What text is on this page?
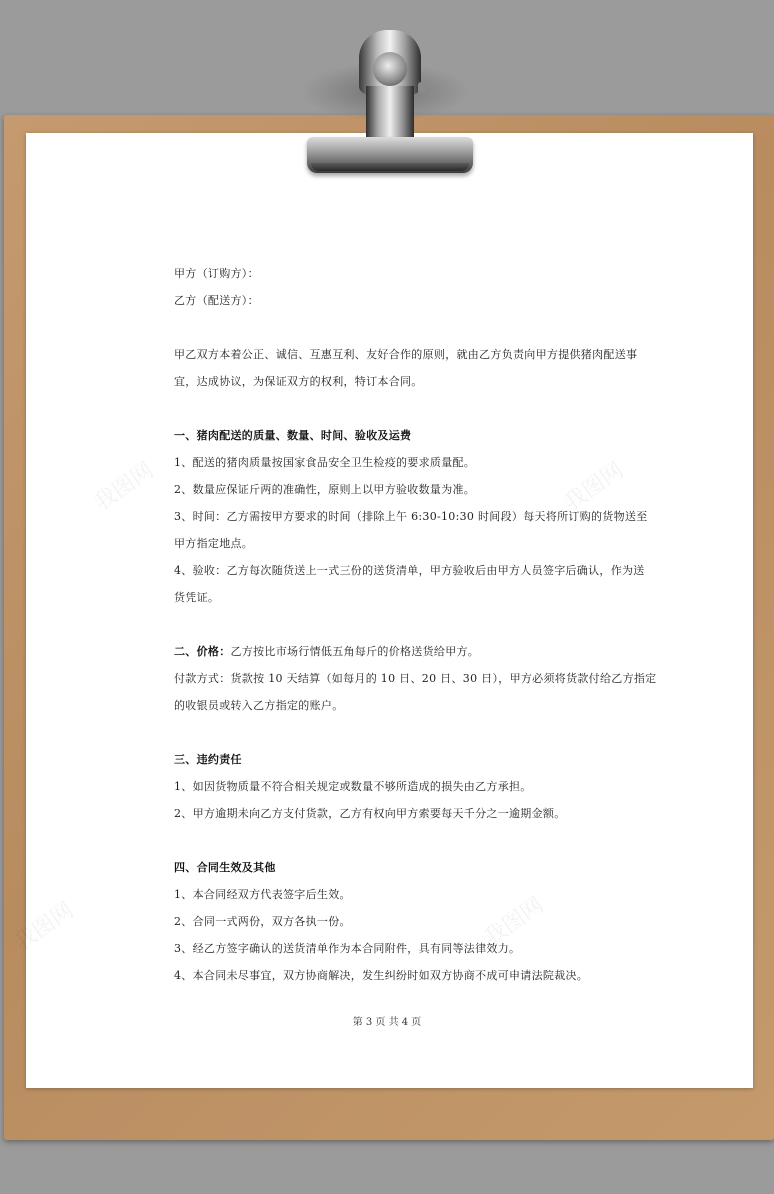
我图网	我图网
我图网	我图网

甲方（订购方）：

乙方（配送方）：

甲乙双方本着公正、诚信、互惠互利、友好合作的原则，就由乙方负责向甲方提供猪肉配送事

宜，达成协议，为保证双方的权利，特订本合同。

一、猪肉配送的质量、数量、时间、验收及运费

1、配送的猪肉质量按国家食品安全卫生检疫的要求质量配。

2、数量应保证斤两的准确性，原则上以甲方验收数量为准。

3、时间：乙方需按甲方要求的时间（排除上午 6:30-10:30 时间段）每天将所订购的货物送至

甲方指定地点。

4、验收：乙方每次随货送上一式三份的送货清单，甲方验收后由甲方人员签字后确认，作为送

货凭证。

二、价格：乙方按比市场行情低五角每斤的价格送货给甲方。

付款方式：货款按 10 天结算（如每月的 10 日、20 日、30 日），甲方必须将货款付给乙方指定

的收银员或转入乙方指定的账户。

三、违约责任

1、如因货物质量不符合相关规定或数量不够所造成的损失由乙方承担。

2、甲方逾期未向乙方支付货款，乙方有权向甲方索要每天千分之一逾期金额。

四、合同生效及其他

1、本合同经双方代表签字后生效。

2、合同一式两份，双方各执一份。

3、经乙方签字确认的送货清单作为本合同附件，具有同等法律效力。

4、本合同未尽事宜，双方协商解决，发生纠纷时如双方协商不成可申请法院裁决。

第 3 页 共 4 页
